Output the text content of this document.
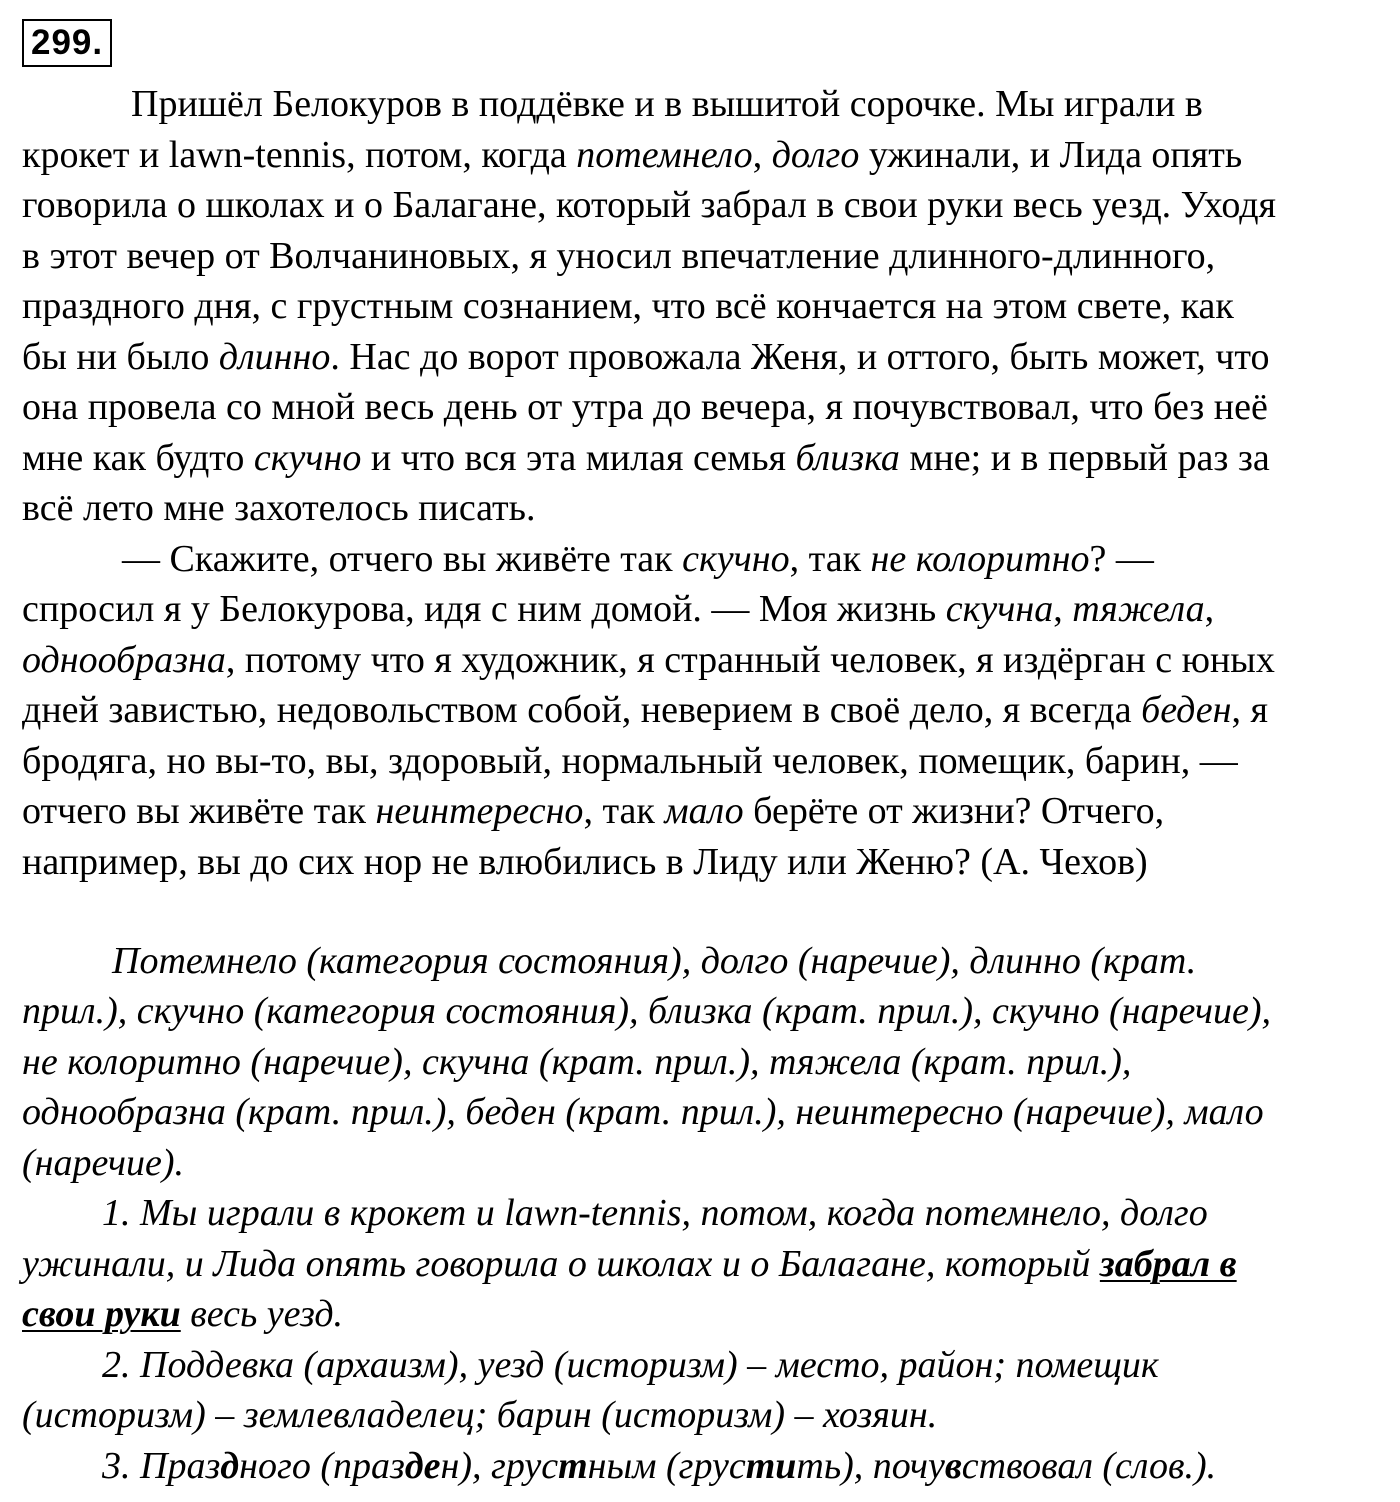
299.
Пришёл Белокуров в поддёвке и в вышитой сорочке. Мы играли в
крокет и lawn-tennis, потом, когда потемнело, долго ужинали, и Лида опять
говорила о школах и о Балагане, который забрал в свои руки весь уезд. Уходя
в этот вечер от Волчаниновых, я уносил впечатление длинного-длинного,
праздного дня, с грустным сознанием, что всё кончается на этом свете, как
бы ни было длинно. Нас до ворот провожала Женя, и оттого, быть может, что
она провела со мной весь день от утра до вечера, я почувствовал, что без неё
мне как будто скучно и что вся эта милая семья близка мне; и в первый раз за
всё лето мне захотелось писать.
— Скажите, отчего вы живёте так скучно, так не колоритно? —
спросил я у Белокурова, идя с ним домой. — Моя жизнь скучна, тяжела,
однообразна, потому что я художник, я странный человек, я издёрган с юных
дней завистью, недовольством собой, неверием в своё дело, я всегда беден, я
бродяга, но вы-то, вы, здоровый, нормальный человек, помещик, барин, —
отчего вы живёте так неинтересно, так мало берёте от жизни? Отчего,
например, вы до сих нор не влюбились в Лиду или Женю? (А. Чехов)
Потемнело (категория состояния), долго (наречие), длинно (крат.
прил.), скучно (категория состояния), близка (крат. прил.), скучно (наречие),
не колоритно (наречие), скучна (крат. прил.), тяжела (крат. прил.),
однообразна (крат. прил.), беден (крат. прил.), неинтересно (наречие), мало
(наречие).
1. Мы играли в крокет и lawn-tennis, потом, когда потемнело, долго
ужинали, и Лида опять говорила о школах и о Балагане, который забрал в
свои руки весь уезд.
2. Поддевка (архаизм), уезд (историзм) – место, район; помещик
(историзм) – землевладелец; барин (историзм) – хозяин.
3. Праздного (празден), грустным (грустить), почувствовал (слов.).
